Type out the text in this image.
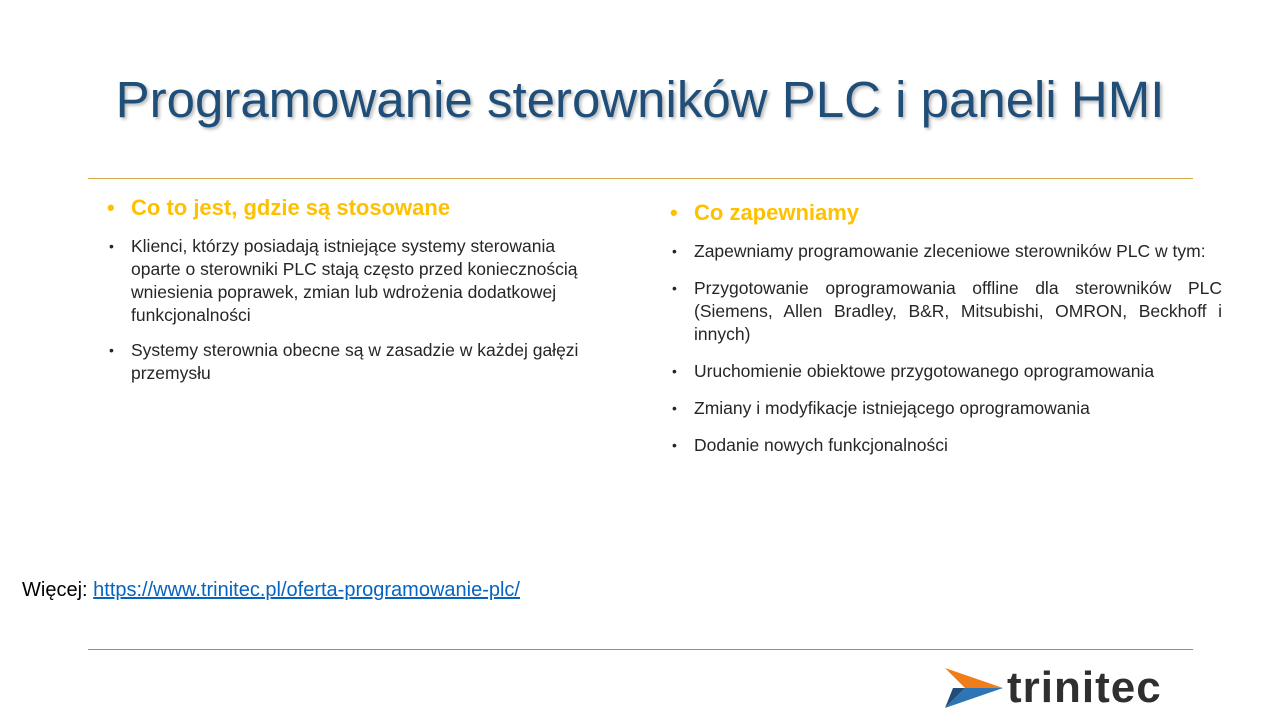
Programowanie sterowników PLC i paneli HMI
• Co to jest, gdzie są stosowane
• Klienci, którzy posiadają istniejące systemy sterowania oparte o sterowniki PLC stają często przed koniecznością wniesienia poprawek, zmian lub wdrożenia dodatkowej funkcjonalności
• Systemy sterownia obecne są w zasadzie w każdej gałęzi przemysłu
• Co zapewniamy
• Zapewniamy programowanie zleceniowe sterowników PLC w tym:
• Przygotowanie oprogramowania offline dla sterowników PLC (Siemens, Allen Bradley, B&R, Mitsubishi, OMRON, Beckhoff i innych)
• Uruchomienie obiektowe przygotowanego oprogramowania
• Zmiany i modyfikacje istniejącego oprogramowania
• Dodanie nowych funkcjonalności
Więcej: https://www.trinitec.pl/oferta-programowanie-plc/
trinitec
